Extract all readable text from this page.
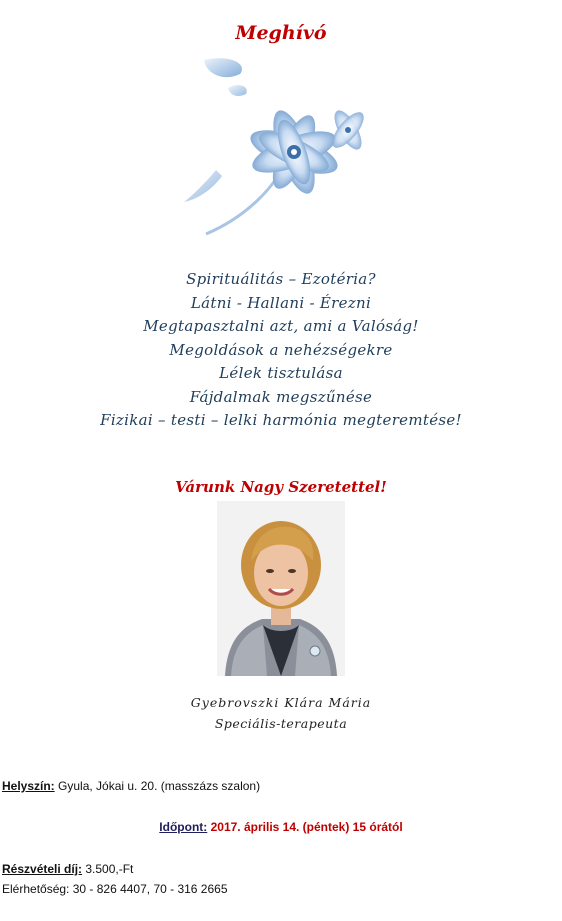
Meghívó
Spirituálitás – Ezotéria?
Látni - Hallani - Érezni
Megtapasztalni azt, ami a Valóság!
Megoldások a nehézségekre
Lélek tisztulása
Fájdalmak megszűnése
Fizikai – testi – lelki harmónia megteremtése!
Várunk Nagy Szeretettel!
Gyebrovszki Klára Mária
Speciális-terapeuta
Helyszín: Gyula, Jókai u. 20. (masszázs szalon)
Időpont: 2017. április 14. (péntek) 15 órától
Részvételi díj: 3.500,-Ft
Elérhetőség: 30 - 826 4407, 70 - 316 2665
